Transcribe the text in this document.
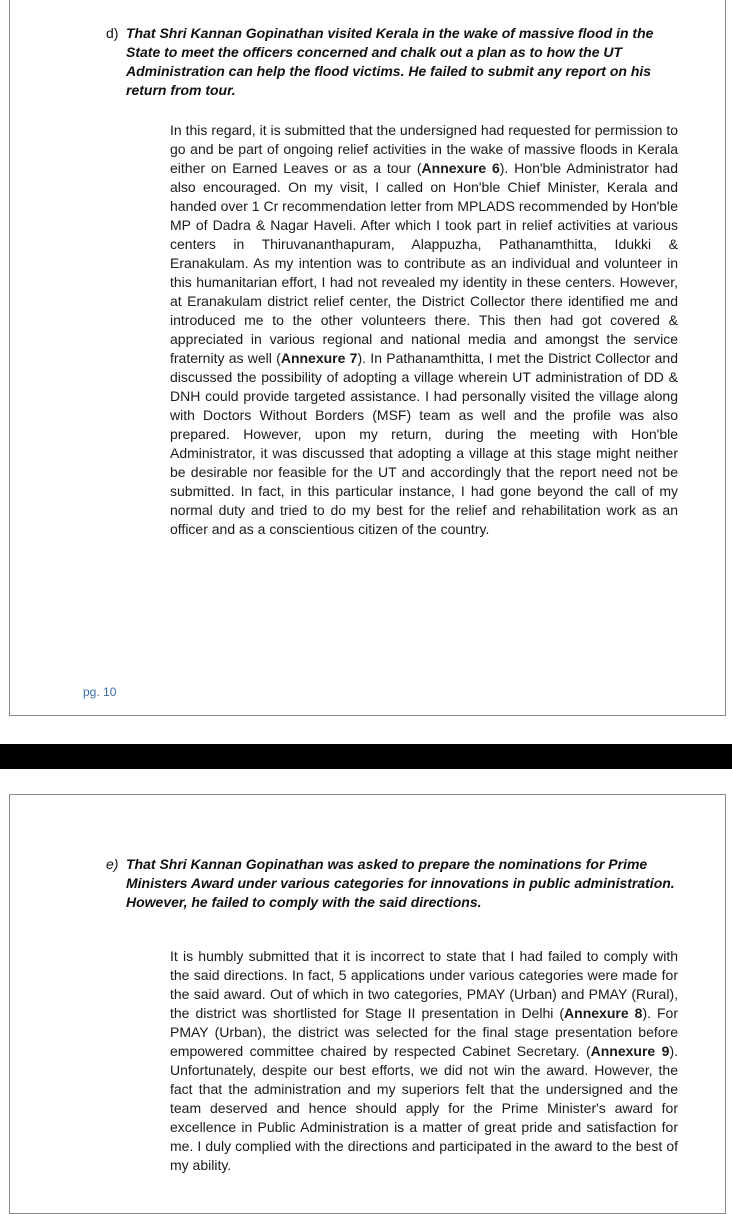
d) That Shri Kannan Gopinathan visited Kerala in the wake of massive flood in the State to meet the officers concerned and chalk out a plan as to how the UT Administration can help the flood victims. He failed to submit any report on his return from tour.

In this regard, it is submitted that the undersigned had requested for permission to go and be part of ongoing relief activities in the wake of massive floods in Kerala either on Earned Leaves or as a tour (Annexure 6). Hon'ble Administrator had also encouraged. On my visit, I called on Hon'ble Chief Minister, Kerala and handed over 1 Cr recommendation letter from MPLADS recommended by Hon'ble MP of Dadra & Nagar Haveli. After which I took part in relief activities at various centers in Thiruvananthapuram, Alappuzha, Pathanamthitta, Idukki & Eranakulam. As my intention was to contribute as an individual and volunteer in this humanitarian effort, I had not revealed my identity in these centers. However, at Eranakulam district relief center, the District Collector there identified me and introduced me to the other volunteers there. This then had got covered & appreciated in various regional and national media and amongst the service fraternity as well (Annexure 7). In Pathanamthitta, I met the District Collector and discussed the possibility of adopting a village wherein UT administration of DD & DNH could provide targeted assistance. I had personally visited the village along with Doctors Without Borders (MSF) team as well and the profile was also prepared. However, upon my return, during the meeting with Hon'ble Administrator, it was discussed that adopting a village at this stage might neither be desirable nor feasible for the UT and accordingly that the report need not be submitted. In fact, in this particular instance, I had gone beyond the call of my normal duty and tried to do my best for the relief and rehabilitation work as an officer and as a conscientious citizen of the country.

pg. 10

e) That Shri Kannan Gopinathan was asked to prepare the nominations for Prime Ministers Award under various categories for innovations in public administration. However, he failed to comply with the said directions.

It is humbly submitted that it is incorrect to state that I had failed to comply with the said directions. In fact, 5 applications under various categories were made for the said award. Out of which in two categories, PMAY (Urban) and PMAY (Rural), the district was shortlisted for Stage II presentation in Delhi (Annexure 8). For PMAY (Urban), the district was selected for the final stage presentation before empowered committee chaired by respected Cabinet Secretary. (Annexure 9). Unfortunately, despite our best efforts, we did not win the award. However, the fact that the administration and my superiors felt that the undersigned and the team deserved and hence should apply for the Prime Minister's award for excellence in Public Administration is a matter of great pride and satisfaction for me. I duly complied with the directions and participated in the award to the best of my ability.
